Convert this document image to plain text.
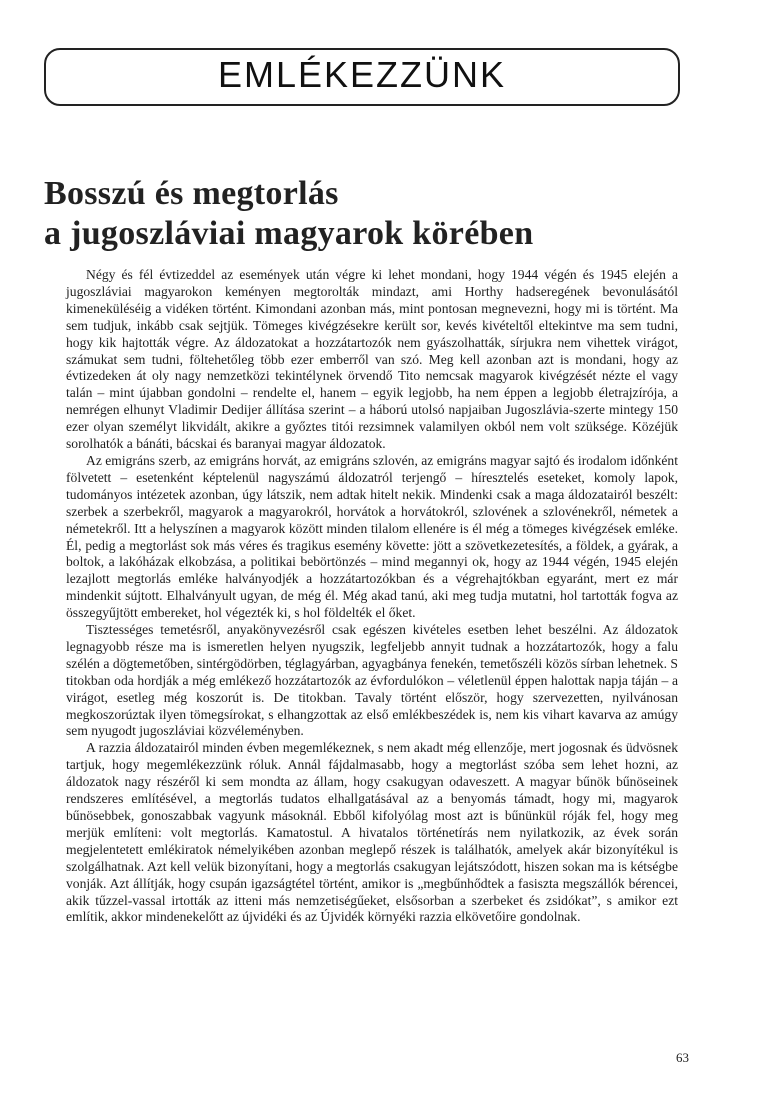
EMLÉKEZZÜNK
Bosszú és megtorlás
a jugoszláviai magyarok körében

Négy és fél évtizeddel az események után végre ki lehet mondani, hogy 1944 végén és 1945 elején a jugoszláviai magyarokon keményen megtorolták mindazt, ami Horthy hadseregének bevonulásától kimeneküléséig a vidéken történt. Kimondani azonban más, mint pontosan megnevezni, hogy mi is történt. Ma sem tudjuk, inkább csak sejtjük. Tömeges kivégzésekre került sor, kevés kivételtől eltekintve ma sem tudni, hogy kik hajtották végre. Az áldozatokat a hozzátartozók nem gyászolhatták, sírjukra nem vihettek virágot, számukat sem tudni, föltehetőleg több ezer emberről van szó. Meg kell azonban azt is mondani, hogy az évtizedeken át oly nagy nemzetközi tekintélynek örvendő Tito nemcsak magyarok kivégzését nézte el vagy talán – mint újabban gondolni – rendelte el, hanem – egyik legjobb, ha nem éppen a legjobb életrajzírója, a nemrégen elhunyt Vladimir Dedijer állítása szerint – a háború utolsó napjaiban Jugoszlávia-szerte mintegy 150 ezer olyan személyt likvidált, akikre a győztes titói rezsimnek valamilyen okból nem volt szüksége. Közéjük sorolhatók a bánáti, bácskai és baranyai magyar áldozatok.

Az emigráns szerb, az emigráns horvát, az emigráns szlovén, az emigráns magyar sajtó és irodalom időnként fölvetett – esetenként képtelenül nagyszámú áldozatról terjengő – híresztelés eseteket, komoly lapok, tudományos intézetek azonban, úgy látszik, nem adtak hitelt nekik. Mindenki csak a maga áldozatairól beszélt: szerbek a szerbekről, magyarok a magyarokról, horvátok a horvátokról, szlovének a szlovénekről, németek a németekről. Itt a helyszínen a magyarok között minden tilalom ellenére is él még a tömeges kivégzések emléke. Él, pedig a megtorlást sok más véres és tragikus esemény követte: jött a szövetkezetesítés, a földek, a gyárak, a boltok, a lakóházak elkobzása, a politikai bebörtönzés – mind megannyi ok, hogy az 1944 végén, 1945 elején lezajlott megtorlás emléke halványodjék a hozzátartozókban és a végrehajtókban egyaránt, mert ez már mindenkit sújtott. Elhalványult ugyan, de még él. Még akad tanú, aki meg tudja mutatni, hol tartották fogva az összegyűjtött embereket, hol végezték ki, s hol földelték el őket.

Tisztességes temetésről, anyakönyvezésről csak egészen kivételes esetben lehet beszélni. Az áldozatok legnagyobb része ma is ismeretlen helyen nyugszik, legfeljebb annyit tudnak a hozzátartozók, hogy a falu szélén a dögtemetőben, sintérgödörben, téglagyárban, agyagbánya fenekén, temetőszéli közös sírban lehetnek. S titokban oda hordják a még emlékező hozzátartozók az évfordulókon – véletlenül éppen halottak napja táján – a virágot, esetleg még koszorút is. De titokban. Tavaly történt először, hogy szervezetten, nyilvánosan megkoszorúztak ilyen tömegsírokat, s elhangzottak az első emlékbeszédek is, nem kis vihart kavarva az amúgy sem nyugodt jugoszláviai közvéleményben.

A razzia áldozatairól minden évben megemlékeznek, s nem akadt még ellenzője, mert jogosnak és üdvösnek tartjuk, hogy megemlékezzünk róluk. Annál fájdalmasabb, hogy a megtorlást szóba sem lehet hozni, az áldozatok nagy részéről ki sem mondta az állam, hogy csakugyan odaveszett. A magyar bűnök bűnöseinek rendszeres említésével, a megtorlás tudatos elhallgatásával az a benyomás támadt, hogy mi, magyarok bűnösebbek, gonoszabbak vagyunk másoknál. Ebből kifolyólag most azt is bűnünkül róják fel, hogy meg merjük említeni: volt megtorlás. Kamatostul. A hivatalos történetírás nem nyilatkozik, az évek során megjelentetett emlékiratok némelyikében azonban meglepő részek is találhatók, amelyek akár bizonyítékul is szolgálhatnak. Azt kell velük bizonyítani, hogy a megtorlás csakugyan lejátszódott, hiszen sokan ma is kétségbe vonják. Azt állítják, hogy csupán igazságtétel történt, amikor is „megbűnhődtek a fasiszta megszállók bérencei, akik tűzzel-vassal irtották az itteni más nemzetiségűeket, elsősorban a szerbeket és zsidókat”, s amikor ezt említik, akkor mindenekelőtt az újvidéki és az Újvidék környéki razzia elkövetőire gondolnak.

63
